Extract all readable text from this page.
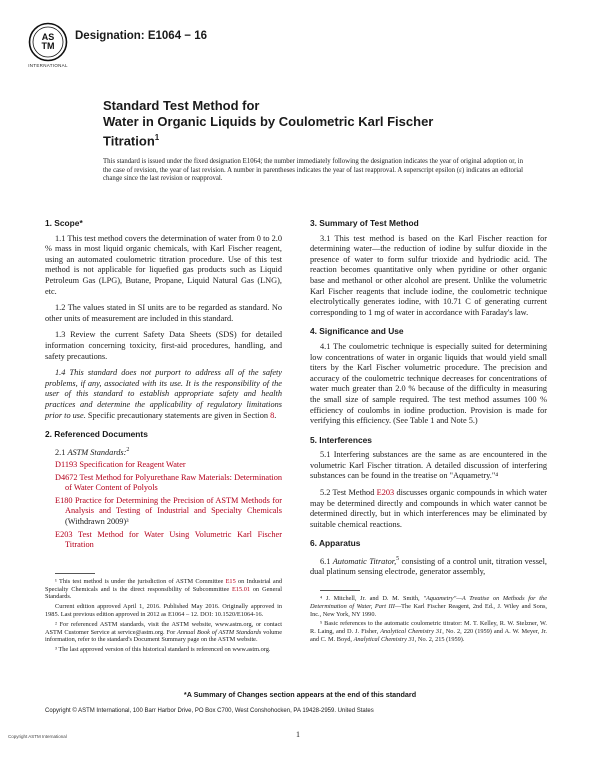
AS
TM
INTERNATIONAL
Designation: E1064 − 16
Standard Test Method for
Water in Organic Liquids by Coulometric Karl Fischer
Titration$^1$
This standard is issued under the fixed designation E1064; the number immediately following the designation indicates the year of original adoption or, in the case of revision, the year of last revision. A number in parentheses indicates the year of last reapproval. A superscript epsilon (ε) indicates an editorial change since the last revision or reapproval.
1. Scope*

1.1 This test method covers the determination of water from 0 to 2.0 % mass in most liquid organic chemicals, with Karl Fischer reagent, using an automated coulometric titration procedure. Use of this test method is not applicable for liquefied gas products such as Liquid Petroleum Gas (LPG), Butane, Propane, Liquid Natural Gas (LNG), etc.

1.2 The values stated in SI units are to be regarded as standard. No other units of measurement are included in this standard.

1.3 Review the current Safety Data Sheets (SDS) for detailed information concerning toxicity, first-aid procedures, handling, and safety precautions.

1.4 This standard does not purport to address all of the safety problems, if any, associated with its use. It is the responsibility of the user of this standard to establish appropriate safety and health practices and determine the applicability of regulatory limitations prior to use. Specific precautionary statements are given in Section 8.

2. Referenced Documents

2.1 ASTM Standards:$^2$

D1193 Specification for Reagent Water
D4672 Test Method for Polyurethane Raw Materials: Determination of Water Content of Polyols
E180 Practice for Determining the Precision of ASTM Methods for Analysis and Testing of Industrial and Specialty Chemicals (Withdrawn 2009)³
E203 Test Method for Water Using Volumetric Karl Fischer Titration

¹ This test method is under the jurisdiction of ASTM Committee E15 on Industrial and Specialty Chemicals and is the direct responsibility of Subcommittee E15.01 on General Standards.

Current edition approved April 1, 2016. Published May 2016. Originally approved in 1985. Last previous edition approved in 2012 as E1064 – 12. DOI: 10.1520/E1064-16.

² For referenced ASTM standards, visit the ASTM website, www.astm.org, or contact ASTM Customer Service at service@astm.org. For Annual Book of ASTM Standards volume information, refer to the standard's Document Summary page on the ASTM website.

³ The last approved version of this historical standard is referenced on www.astm.org.

3. Summary of Test Method

3.1 This test method is based on the Karl Fischer reaction for determining water—the reduction of iodine by sulfur dioxide in the presence of water to form sulfur trioxide and hydriodic acid. The reaction becomes quantitative only when pyridine or other organic base and methanol or other alcohol are present. Unlike the volumetric Karl Fischer reagents that include iodine, the coulometric technique electrolytically generates iodine, with 10.71 C of generating current corresponding to 1 mg of water in accordance with Faraday's law.

4. Significance and Use

4.1 The coulometric technique is especially suited for determining low concentrations of water in organic liquids that would yield small titers by the Karl Fischer volumetric procedure. The precision and accuracy of the coulometric technique decreases for concentrations of water much greater than 2.0 % because of the difficulty in measuring the small size of sample required. The test method assumes 100 % efficiency of coulombs in iodine production. Provision is made for verifying this efficiency. (See Table 1 and Note 5.)

5. Interferences

5.1 Interfering substances are the same as are encountered in the volumetric Karl Fischer titration. A detailed discussion of interfering substances can be found in the treatise on "Aquametry."⁴

5.2 Test Method E203 discusses organic compounds in which water may be determined directly and compounds in which water cannot be determined directly, but in which interferences may be eliminated by suitable chemical reactions.

6. Apparatus

6.1 Automatic Titrator,$^5$ consisting of a control unit, titration vessel, dual platinum sensing electrode, generator assembly,

⁴ J. Mitchell, Jr. and D. M. Smith, "Aquametry"—A Treatise on Methods for the Determination of Water, Part III—The Karl Fischer Reagent, 2nd Ed., J. Wiley and Sons, Inc., New York, NY 1990.

⁵ Basic references to the automatic coulometric titrator: M. T. Kelley, R. W. Stelzner, W. R. Laing, and D. J. Fisher, Analytical Chemistry 31, No. 2, 220 (1959) and A. W. Meyer, Jr. and C. M. Boyd, Analytical Chemistry 31, No. 2, 215 (1959).

*A Summary of Changes section appears at the end of this standard
Copyright © ASTM International, 100 Barr Harbor Drive, PO Box C700, West Conshohocken, PA 19428-2959. United States
1
Copyright ASTM International
